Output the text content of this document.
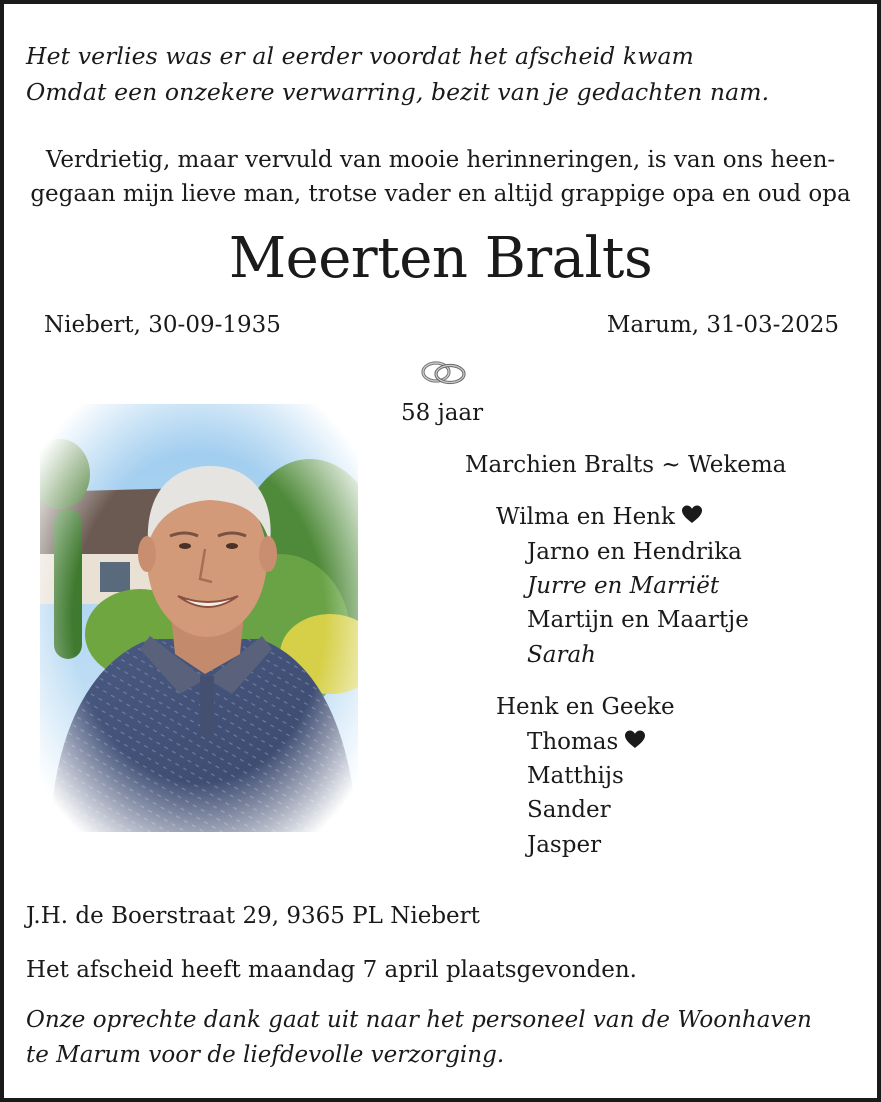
Het verlies was er al eerder voordat het afscheid kwam
Omdat een onzekere verwarring, bezit van je gedachten nam.
Verdrietig, maar vervuld van mooie herinneringen, is van ons heen-
gegaan mijn lieve man, trotse vader en altijd grappige opa en oud opa
Meerten Bralts
Niebert, 30-09-1935	Marum, 31-03-2025
58 jaar
Marchien Bralts ~ Wekema
Wilma en Henk
Jarno en Hendrika
Jurre en Marriët
Martijn en Maartje
Sarah
Henk en Geeke
Thomas
Matthijs
Sander
Jasper
J.H. de Boerstraat 29, 9365 PL Niebert
Het afscheid heeft maandag 7 april plaatsgevonden.
Onze oprechte dank gaat uit naar het personeel van de Woonhaven
te Marum voor de liefdevolle verzorging.
